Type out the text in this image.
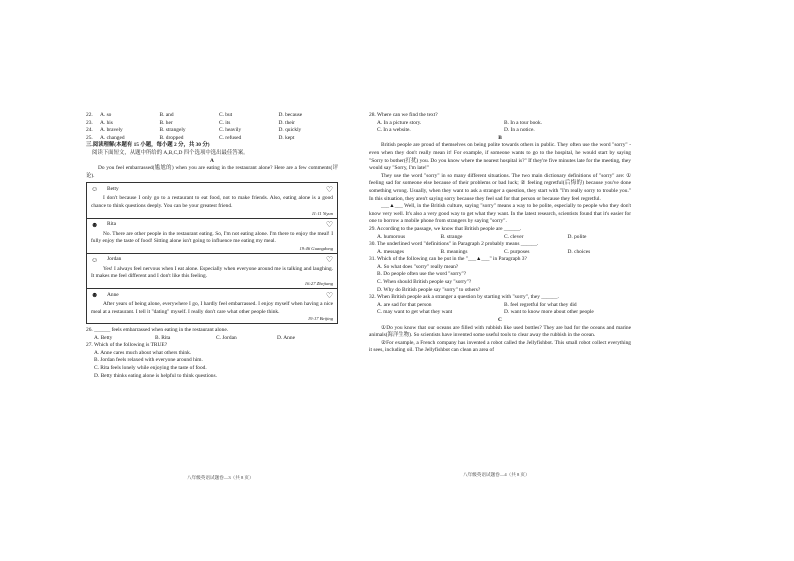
22.	A. so	B. and	C. but	D. because
23.	A. his	B. her	C. its	D. their
24.	A. bravely	B. strangely	C. heavily	D. quickly
25.	A. changed	B. dropped	C. refused	D. kept
三.阅读理解(本题有 15 小题，每小题 2 分，共 30 分)
阅读下面短文，从题中所给的 A,B,C,D 四个选项中选出最佳答案。
A
Do you feel embarrassed(尴尬的) when you are eating in the restaurant alone? Here are a few comments(评论).
☺	Betty	♡
I don't because I only go to a restaurant to eat food, not to make friends. Also, eating alone is a good chance to think questions deeply. You can be your greatest friend.
11:11 Yiyun
☻	Rita	♡
No. There are other people in the restaurant eating. So, I'm not eating alone. I'm there to enjoy the meal! I fully enjoy the taste of food! Sitting alone isn't going to influence me eating my meal.
19:46 Guangdong
☺	Jordan	♡
Yes! I always feel nervous when I eat alone. Especially when everyone around me is talking and laughing. It makes me feel different and I don't like this feeling.
16:27 Zhejiang
☻	Anne	♡
After years of being alone, everywhere I go, I hardly feel embarrassed. I enjoy myself when having a nice meal at a restaurant. I tell it "dating" myself. I really don't care what other people think.
19:17 Beijing
26. ______ feels embarrassed when eating in the restaurant alone.
A. Betty	B. Rita	C. Jordan	D. Anne
27. Which of the following is TRUE?
A. Anne cares much about what others think.
B. Jordan feels relaxed with everyone around him.
C. Rita feels lonely while enjoying the taste of food.
D. Betty thinks eating alone is helpful to think questions.
八年级英语试题卷—3（共 8 页）
28. Where can we find the text?
A. In a picture story.	B. In a tour book.
C. In a website.	D. In a notice.
B
British people are proud of themselves on being polite towards others in public. They often use the word "sorry" - even when they don't really mean it! For example, if someone wants to go to the hospital, he would start by saying "Sorry to bother(打扰) you. Do you know where the nearest hospital is?" If they're five minutes late for the meeting, they would say "Sorry, I'm late!"
They use the word "sorry" in so many different situations. The two main dictionary definitions of "sorry" are: ① feeling sad for someone else because of their problems or bad luck; ② feeling regretful(后悔的) because you've done something wrong. Usually, when they want to ask a stranger a question, they start with "I'm really sorry to trouble you." In this situation, they aren't saying sorry because they feel sad for that person or because they feel regretful.
___▲___ Well, in the British culture, saying "sorry" means a way to be polite, especially to people who they don't know very well. It's also a very good way to get what they want. In the latest research, scientists found that it's easier for one to borrow a mobile phone from strangers by saying "sorry".
29. According to the passage, we know that British people are ______.
A. humorous	B. strange	C. clever	D. polite
30. The underlined word "definitions" in Paragraph 2 probably means ______.
A. messages	B. meanings	C. purposes	D. choices
31. Which of the following can be put in the "___▲___" in Paragraph 3?
A. So what does "sorry" really mean?
B. Do people often use the word "sorry"?
C. When should British people say "sorry"?
D. Why do British people say "sorry" to others?
32. When British people ask a stranger a question by starting with "sorry", they ______.
A. are sad for that person	B. feel regretful for what they did
C. may want to get what they want	D. want to know more about other people
C
①Do you know that our oceans are filled with rubbish like used bottles? They are bad for the oceans and marine animals(海洋生物). So scientists have invented some useful tools to clear away the rubbish in the ocean.
②For example, a French company has invented a robot called the Jellyfishbot. This small robot collect everything it sees, including oil. The Jellyfishbot can clean an area of
八年级英语试题卷—4（共 8 页）
